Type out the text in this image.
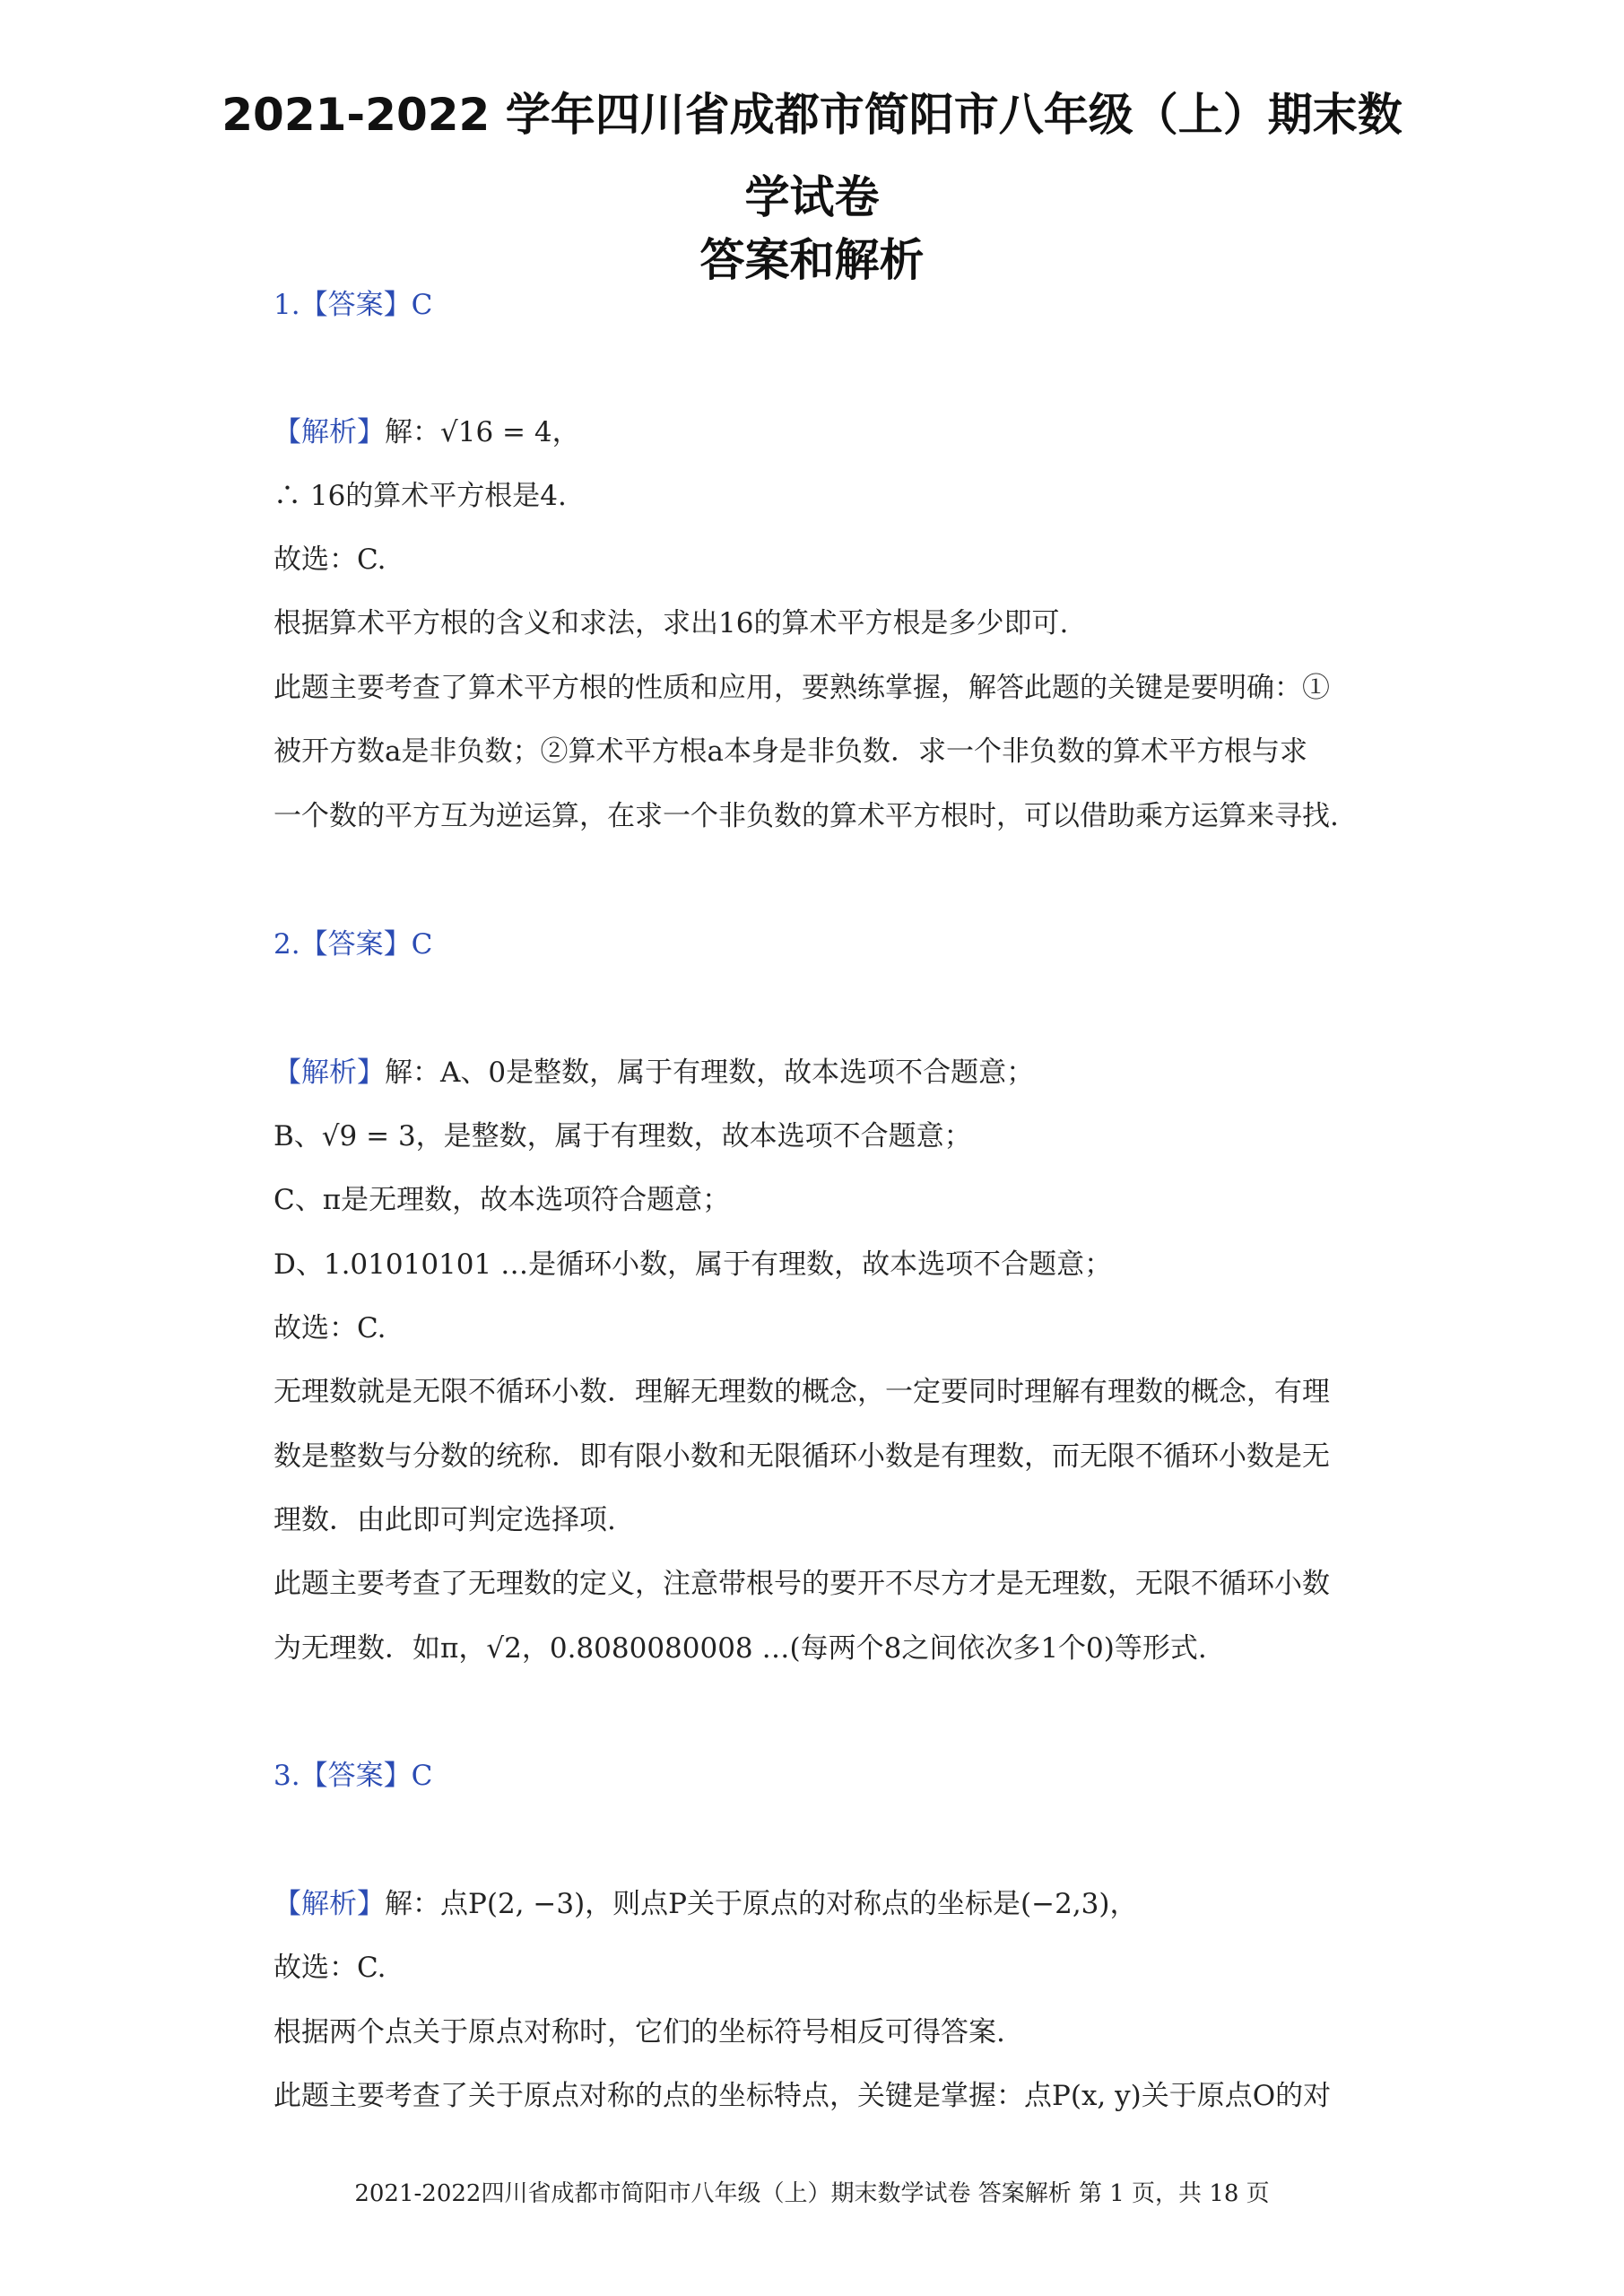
2021-2022 学年四川省成都市简阳市八年级（上）期末数
学试卷
答案和解析
1.【答案】C
【解析】解：√16 = 4，
∴ 16的算术平方根是4.
故选：C.
根据算术平方根的含义和求法，求出16的算术平方根是多少即可.
此题主要考查了算术平方根的性质和应用，要熟练掌握，解答此题的关键是要明确：①
被开方数a是非负数；②算术平方根a本身是非负数．求一个非负数的算术平方根与求
一个数的平方互为逆运算，在求一个非负数的算术平方根时，可以借助乘方运算来寻找.
2.【答案】C
【解析】解：A、0是整数，属于有理数，故本选项不合题意；
B、√9 = 3，是整数，属于有理数，故本选项不合题意；
C、π是无理数，故本选项符合题意；
D、1.01010101 …是循环小数，属于有理数，故本选项不合题意；
故选：C.
无理数就是无限不循环小数．理解无理数的概念，一定要同时理解有理数的概念，有理
数是整数与分数的统称．即有限小数和无限循环小数是有理数，而无限不循环小数是无
理数．由此即可判定选择项.
此题主要考查了无理数的定义，注意带根号的要开不尽方才是无理数，无限不循环小数
为无理数．如π，√2，0.8080080008 …(每两个8之间依次多1个0)等形式.
3.【答案】C
【解析】解：点P(2, −3)，则点P关于原点的对称点的坐标是(−2,3)，
故选：C.
根据两个点关于原点对称时，它们的坐标符号相反可得答案.
此题主要考查了关于原点对称的点的坐标特点，关键是掌握：点P(x, y)关于原点O的对
2021-2022四川省成都市简阳市八年级（上）期末数学试卷 答案解析 第 1 页，共 18 页
